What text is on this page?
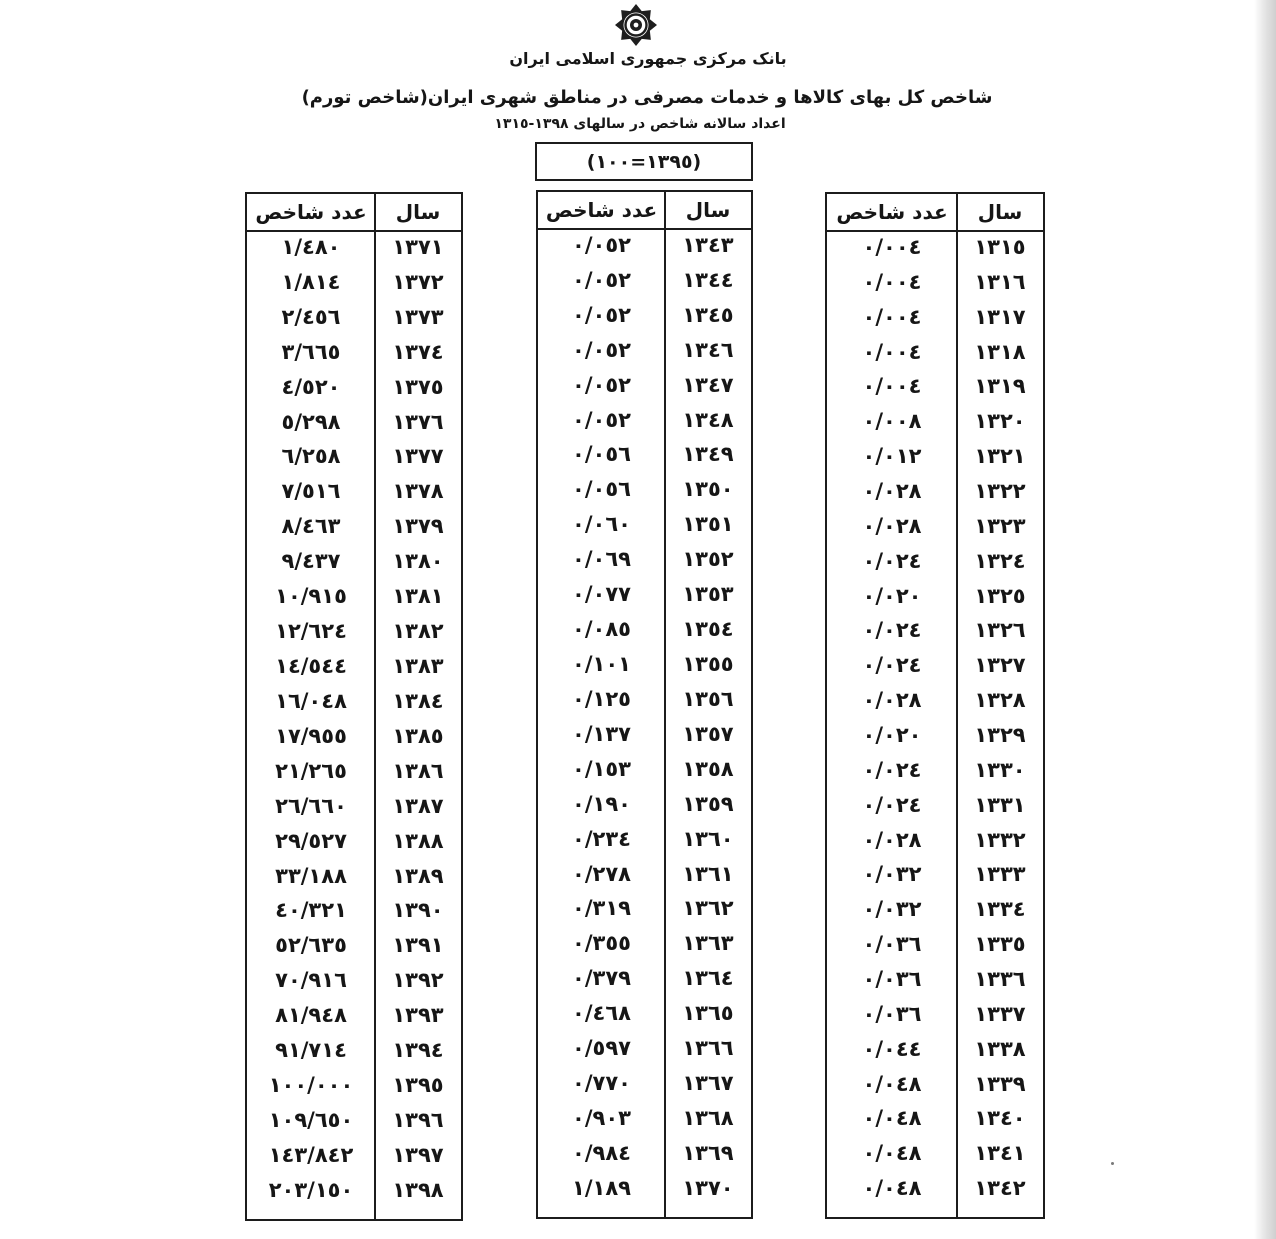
بانک مرکزی جمهوری اسلامی ایران
شاخص کل بهای کالاها و خدمات مصرفی در مناطق شهری ایران(شاخص تورم)
اعداد سالانه شاخص در سالهای ١٣٩٨-١٣١٥
(١٣٩٥=١٠٠)
سال
عدد شاخص
١٣١٥
٠/٠٠٤
١٣١٦
٠/٠٠٤
١٣١٧
٠/٠٠٤
١٣١٨
٠/٠٠٤
١٣١٩
٠/٠٠٤
١٣٢٠
٠/٠٠٨
١٣٢١
٠/٠١٢
١٣٢٢
٠/٠٢٨
١٣٢٣
٠/٠٢٨
١٣٢٤
٠/٠٢٤
١٣٢٥
٠/٠٢٠
١٣٢٦
٠/٠٢٤
١٣٢٧
٠/٠٢٤
١٣٢٨
٠/٠٢٨
١٣٢٩
٠/٠٢٠
١٣٣٠
٠/٠٢٤
١٣٣١
٠/٠٢٤
١٣٣٢
٠/٠٢٨
١٣٣٣
٠/٠٣٢
١٣٣٤
٠/٠٣٢
١٣٣٥
٠/٠٣٦
١٣٣٦
٠/٠٣٦
١٣٣٧
٠/٠٣٦
١٣٣٨
٠/٠٤٤
١٣٣٩
٠/٠٤٨
١٣٤٠
٠/٠٤٨
١٣٤١
٠/٠٤٨
١٣٤٢
٠/٠٤٨
سال
عدد شاخص
١٣٤٣
٠/٠٥٢
١٣٤٤
٠/٠٥٢
١٣٤٥
٠/٠٥٢
١٣٤٦
٠/٠٥٢
١٣٤٧
٠/٠٥٢
١٣٤٨
٠/٠٥٢
١٣٤٩
٠/٠٥٦
١٣٥٠
٠/٠٥٦
١٣٥١
٠/٠٦٠
١٣٥٢
٠/٠٦٩
١٣٥٣
٠/٠٧٧
١٣٥٤
٠/٠٨٥
١٣٥٥
٠/١٠١
١٣٥٦
٠/١٢٥
١٣٥٧
٠/١٣٧
١٣٥٨
٠/١٥٣
١٣٥٩
٠/١٩٠
١٣٦٠
٠/٢٣٤
١٣٦١
٠/٢٧٨
١٣٦٢
٠/٣١٩
١٣٦٣
٠/٣٥٥
١٣٦٤
٠/٣٧٩
١٣٦٥
٠/٤٦٨
١٣٦٦
٠/٥٩٧
١٣٦٧
٠/٧٧٠
١٣٦٨
٠/٩٠٣
١٣٦٩
٠/٩٨٤
١٣٧٠
١/١٨٩
سال
عدد شاخص
١٣٧١
١/٤٨٠
١٣٧٢
١/٨١٤
١٣٧٣
٢/٤٥٦
١٣٧٤
٣/٦٦٥
١٣٧٥
٤/٥٢٠
١٣٧٦
٥/٢٩٨
١٣٧٧
٦/٢٥٨
١٣٧٨
٧/٥١٦
١٣٧٩
٨/٤٦٣
١٣٨٠
٩/٤٣٧
١٣٨١
١٠/٩١٥
١٣٨٢
١٢/٦٢٤
١٣٨٣
١٤/٥٤٤
١٣٨٤
١٦/٠٤٨
١٣٨٥
١٧/٩٥٥
١٣٨٦
٢١/٢٦٥
١٣٨٧
٢٦/٦٦٠
١٣٨٨
٢٩/٥٢٧
١٣٨٩
٣٣/١٨٨
١٣٩٠
٤٠/٣٢١
١٣٩١
٥٢/٦٣٥
١٣٩٢
٧٠/٩١٦
١٣٩٣
٨١/٩٤٨
١٣٩٤
٩١/٧١٤
١٣٩٥
١٠٠/٠٠٠
١٣٩٦
١٠٩/٦٥٠
١٣٩٧
١٤٣/٨٤٢
١٣٩٨
٢٠٣/١٥٠
